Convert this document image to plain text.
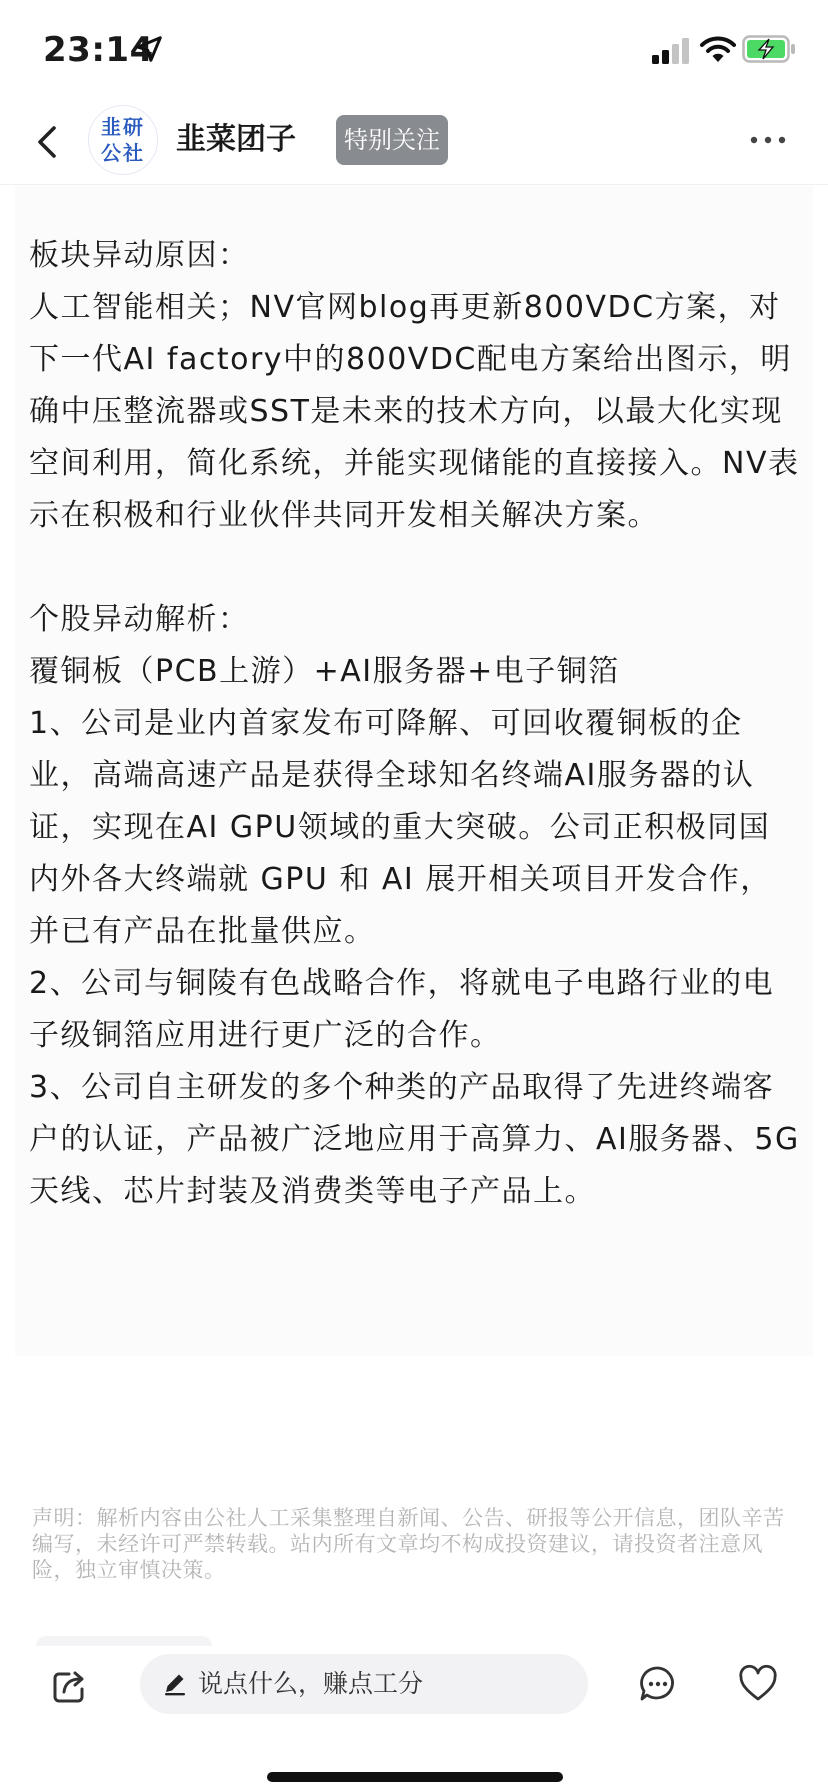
23:14
韭研
公社 韭菜团子	特别关注

板块异动原因：

人工智能相关；NV官网blog再更新800VDC方案，对下一代AI factory中的800VDC配电方案给出图示，明确中压整流器或SST是未来的技术方向，以最大化实现空间利用，简化系统，并能实现储能的直接接入。NV表示在积极和行业伙伴共同开发相关解决方案。

个股异动解析：

覆铜板（PCB上游）+AI服务器+电子铜箔

1、公司是业内首家发布可降解、可回收覆铜板的企业，高端高速产品是获得全球知名终端AI服务器的认证，实现在AI GPU领域的重大突破。公司正积极同国内外各大终端就 GPU 和 AI 展开相关项目开发合作，并已有产品在批量供应。

2、公司与铜陵有色战略合作，将就电子电路行业的电子级铜箔应用进行更广泛的合作。

3、公司自主研发的多个种类的产品取得了先进终端客户的认证，产品被广泛地应用于高算力、AI服务器、5G天线、芯片封装及消费类等电子产品上。

声明：解析内容由公社人工采集整理自新闻、公告、研报等公开信息，团队辛苦编写，未经许可严禁转载。站内所有文章均不构成投资建议，请投资者注意风险，独立审慎决策。
说点什么，赚点工分
